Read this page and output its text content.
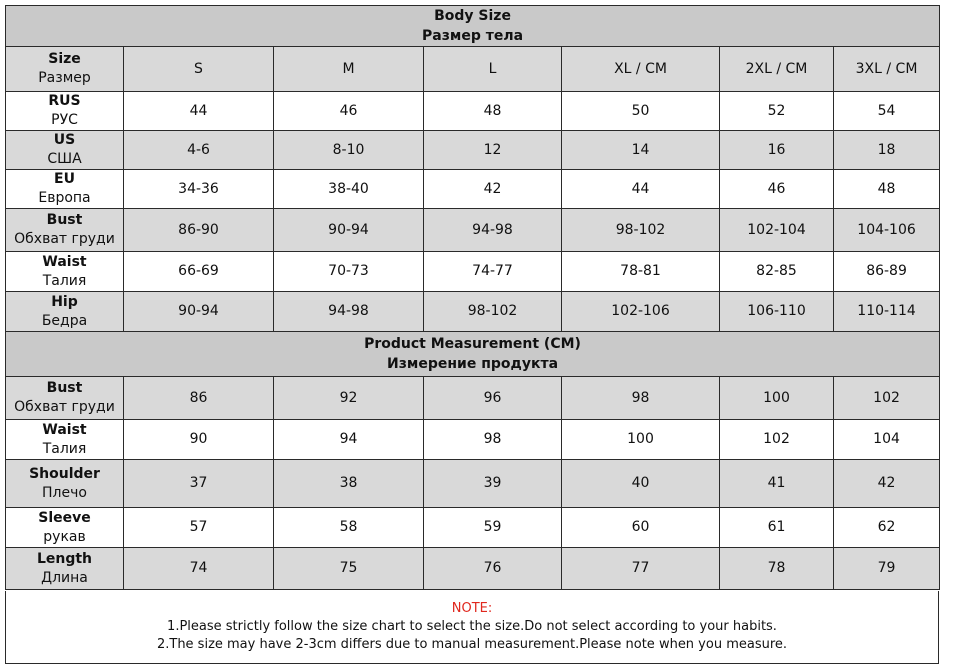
Body Size
Размер тела						

Size
Размер	S	M	L	XL / CM	2XL / CM	3XL / CM

RUS
РУС	44	46	48	50	52	54

US
США	4-6	8-10	12	14	16	18

EU
Европа	34-36	38-40	42	44	46	48

Bust
Обхват груди	86-90	90-94	94-98	98-102	102-104	104-106

Waist
Талия	66-69	70-73	74-77	78-81	82-85	86-89

Hip
Бедра	90-94	94-98	98-102	102-106	106-110	110-114

Product Measurement (CM)
Измерение продукта						

Bust
Обхват груди	86	92	96	98	100	102

Waist
Талия	90	94	98	100	102	104

Shoulder
Плечо	37	38	39	40	41	42

Sleeve
рукав	57	58	59	60	61	62

Length
Длина	74	75	76	77	78	79
NOTE:
1.Please strictly follow the size chart to select the size.Do not select according to your habits.
2.The size may have 2-3cm differs due to manual measurement.Please note when you measure.
